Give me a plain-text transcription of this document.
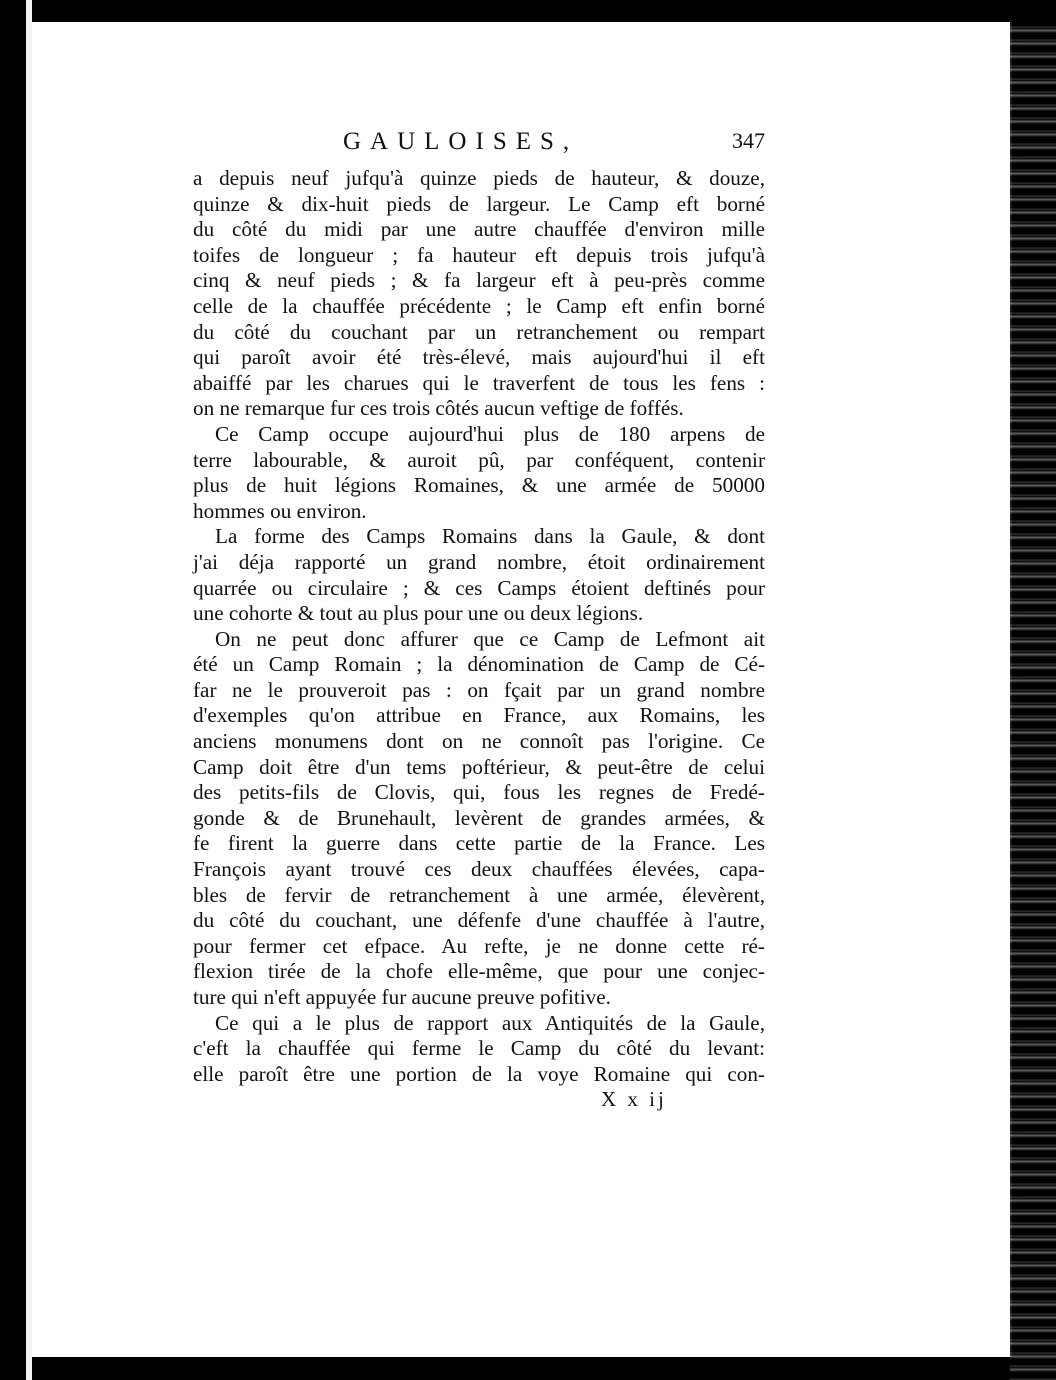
GAULOISES,	347

a depuis neuf jufqu'à quinze pieds de hauteur, & douze,
quinze & dix-huit pieds de largeur. Le Camp eft borné
du côté du midi par une autre chauffée d'environ mille
toifes de longueur ; fa hauteur eft depuis trois jufqu'à
cinq & neuf pieds ; & fa largeur eft à peu-près comme
celle de la chauffée précédente ; le Camp eft enfin borné
du côté du couchant par un retranchement ou rempart
qui paroît avoir été très-élevé, mais aujourd'hui il eft
abaiffé par les charues qui le traverfent de tous les fens :
on ne remarque fur ces trois côtés aucun veftige de foffés.

Ce Camp occupe aujourd'hui plus de 180 arpens de
terre labourable, & auroit pû, par conféquent, contenir
plus de huit légions Romaines, & une armée de 50000
hommes ou environ.

La forme des Camps Romains dans la Gaule, & dont
j'ai déja rapporté un grand nombre, étoit ordinairement
quarrée ou circulaire ; & ces Camps étoient deftinés pour
une cohorte & tout au plus pour une ou deux légions.

On ne peut donc affurer que ce Camp de Lefmont ait
été un Camp Romain ; la dénomination de Camp de Cé-
far ne le prouveroit pas : on fçait par un grand nombre
d'exemples qu'on attribue en France, aux Romains, les
anciens monumens dont on ne connoît pas l'origine. Ce
Camp doit être d'un tems poftérieur, & peut-être de celui
des petits-fils de Clovis, qui, fous les regnes de Fredé-
gonde & de Brunehault, levèrent de grandes armées, &
fe firent la guerre dans cette partie de la France. Les
François ayant trouvé ces deux chauffées élevées, capa-
bles de fervir de retranchement à une armée, élevèrent,
du côté du couchant, une défenfe d'une chauffée à l'autre,
pour fermer cet efpace. Au refte, je ne donne cette ré-
flexion tirée de la chofe elle-même, que pour une conjec-
ture qui n'eft appuyée fur aucune preuve pofitive.

Ce qui a le plus de rapport aux Antiquités de la Gaule,
c'eft la chauffée qui ferme le Camp du côté du levant:
elle paroît être une portion de la voye Romaine qui con-

X x ij
